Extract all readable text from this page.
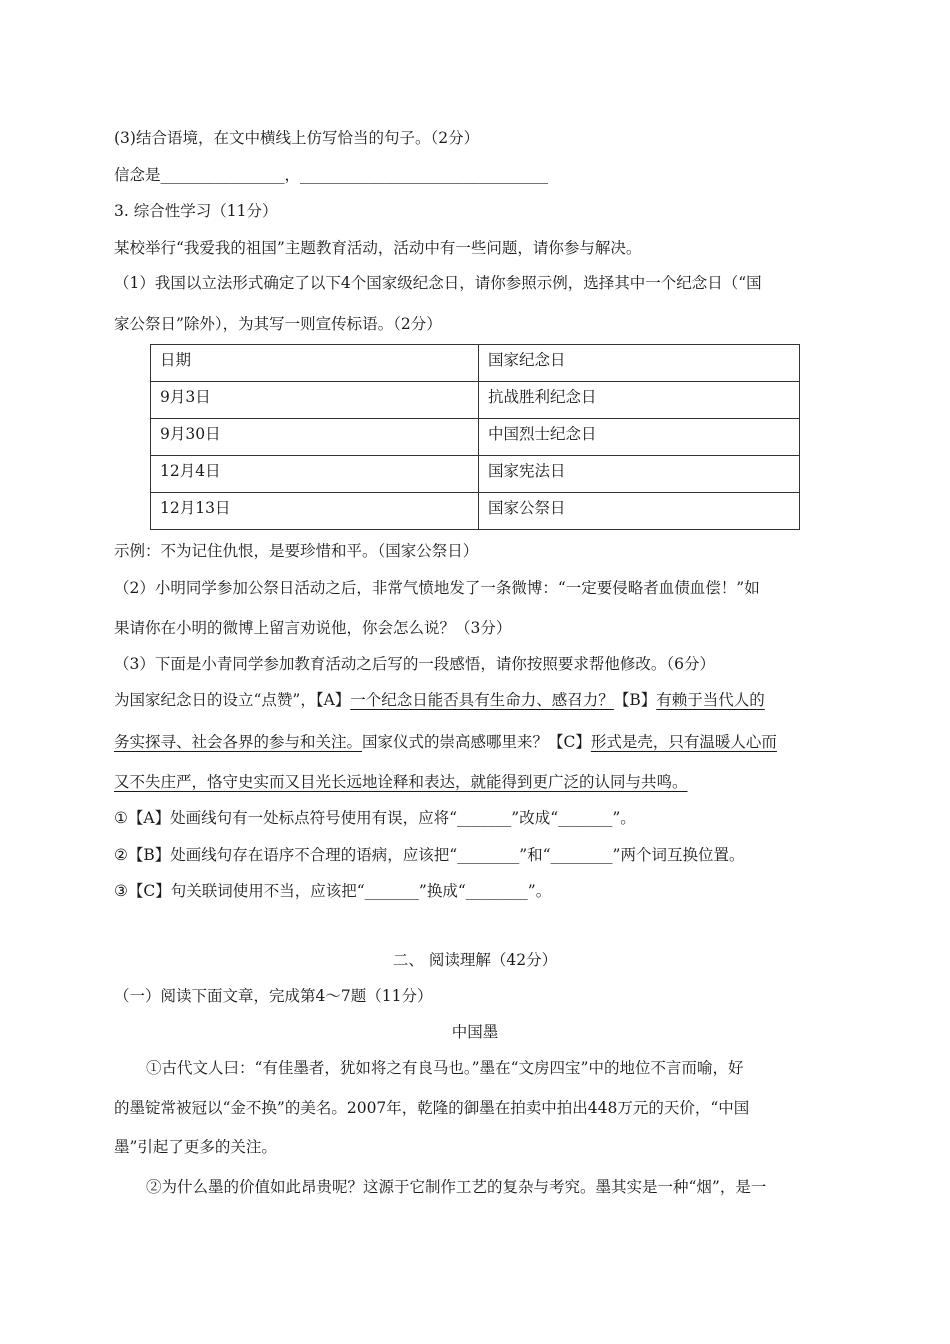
(3)结合语境，在文中横线上仿写恰当的句子。（2分）
信念是________________，________________________________
3. 综合性学习（11分）
某校举行“我爱我的祖国”主题教育活动，活动中有一些问题，请你参与解决。
（1）我国以立法形式确定了以下4个国家级纪念日，请你参照示例，选择其中一个纪念日（“国
家公祭日”除外），为其写一则宣传标语。（2分）
日期	国家纪念日
9月3日	抗战胜利纪念日
9月30日	中国烈士纪念日
12月4日	国家宪法日
12月13日	国家公祭日
示例：不为记住仇恨，是要珍惜和平。（国家公祭日）
（2）小明同学参加公祭日活动之后，非常气愤地发了一条微博：“一定要侵略者血债血偿！”如
果请你在小明的微博上留言劝说他，你会怎么说？（3分）
（3）下面是小青同学参加教育活动之后写的一段感悟，请你按照要求帮他修改。（6分）
为国家纪念日的设立“点赞”，【A】一个纪念日能否具有生命力、感召力？【B】有赖于当代人的
务实探寻、社会各界的参与和关注。国家仪式的崇高感哪里来？【C】形式是壳，只有温暖人心而
又不失庄严，恪守史实而又目光长远地诠释和表达，就能得到更广泛的认同与共鸣。
①【A】处画线句有一处标点符号使用有误，应将“_______”改成“_______”。
②【B】处画线句存在语序不合理的语病，应该把“________”和“________”两个词互换位置。
③【C】句关联词使用不当，应该把“_______”换成“________”。
二、 阅读理解（42分）
（一）阅读下面文章，完成第4～7题（11分）
中国墨
①古代文人曰：“有佳墨者，犹如将之有良马也。”墨在“文房四宝”中的地位不言而喻，好
的墨锭常被冠以“金不换”的美名。2007年，乾隆的御墨在拍卖中拍出448万元的天价，“中国
墨”引起了更多的关注。
②为什么墨的价值如此昂贵呢？这源于它制作工艺的复杂与考究。墨其实是一种“烟”，是一
